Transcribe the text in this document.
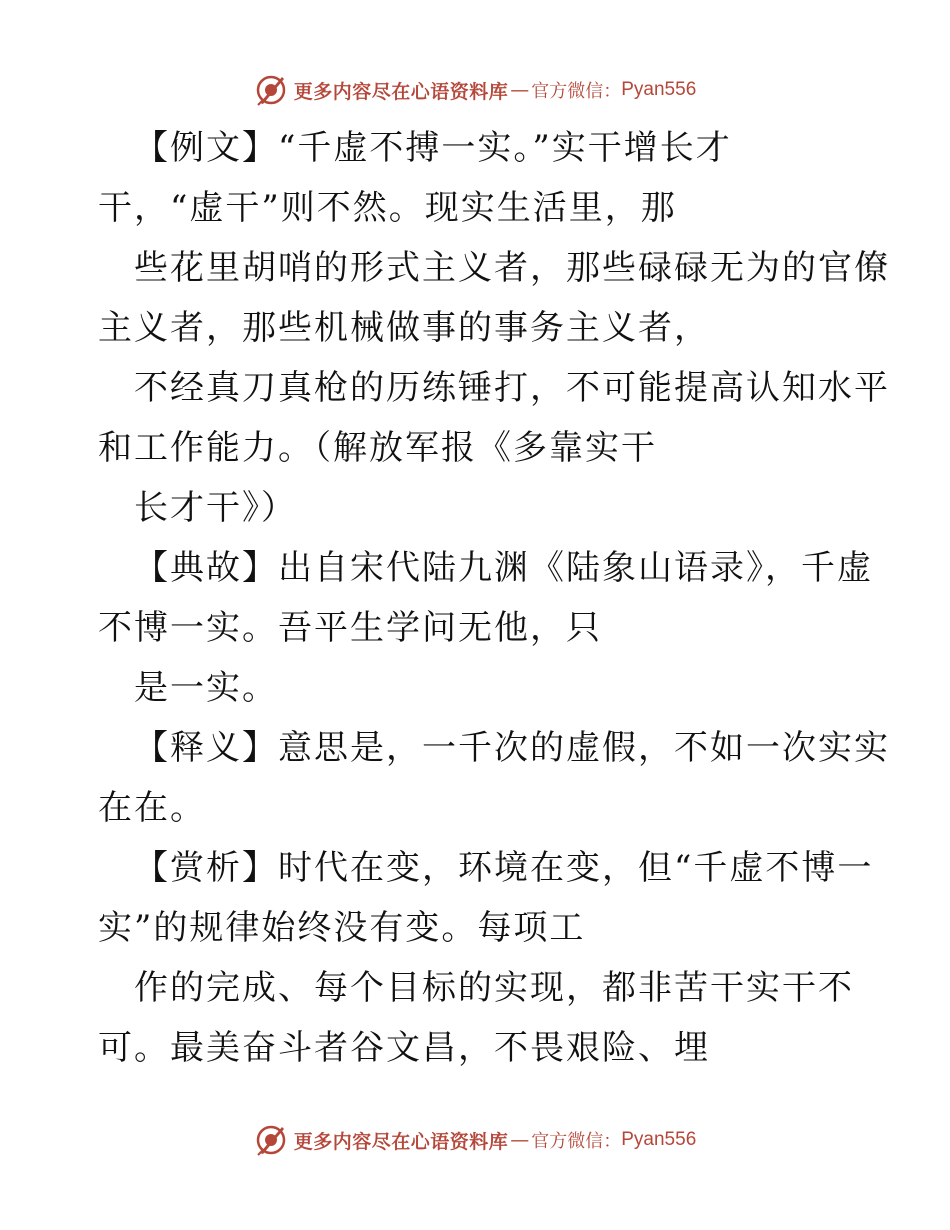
更多内容尽在心语资料库 — 官方微信： Pyan556

【例文】“千虚不搏一实。”实干增长才

干，“虚干”则不然。现实生活里，那

些花里胡哨的形式主义者，那些碌碌无为的官僚

主义者，那些机械做事的事务主义者，

不经真刀真枪的历练锤打，不可能提高认知水平

和工作能力。（解放军报《多靠实干

长才干》）

【典故】出自宋代陆九渊《陆象山语录》，千虚

不博一实。吾平生学问无他，只

是一实。

【释义】意思是，一千次的虚假，不如一次实实

在在。

【赏析】时代在变，环境在变，但“千虚不博一

实”的规律始终没有变。每项工

作的完成、每个目标的实现，都非苦干实干不

可。最美奋斗者谷文昌，不畏艰险、埋

更多内容尽在心语资料库 — 官方微信： Pyan556
